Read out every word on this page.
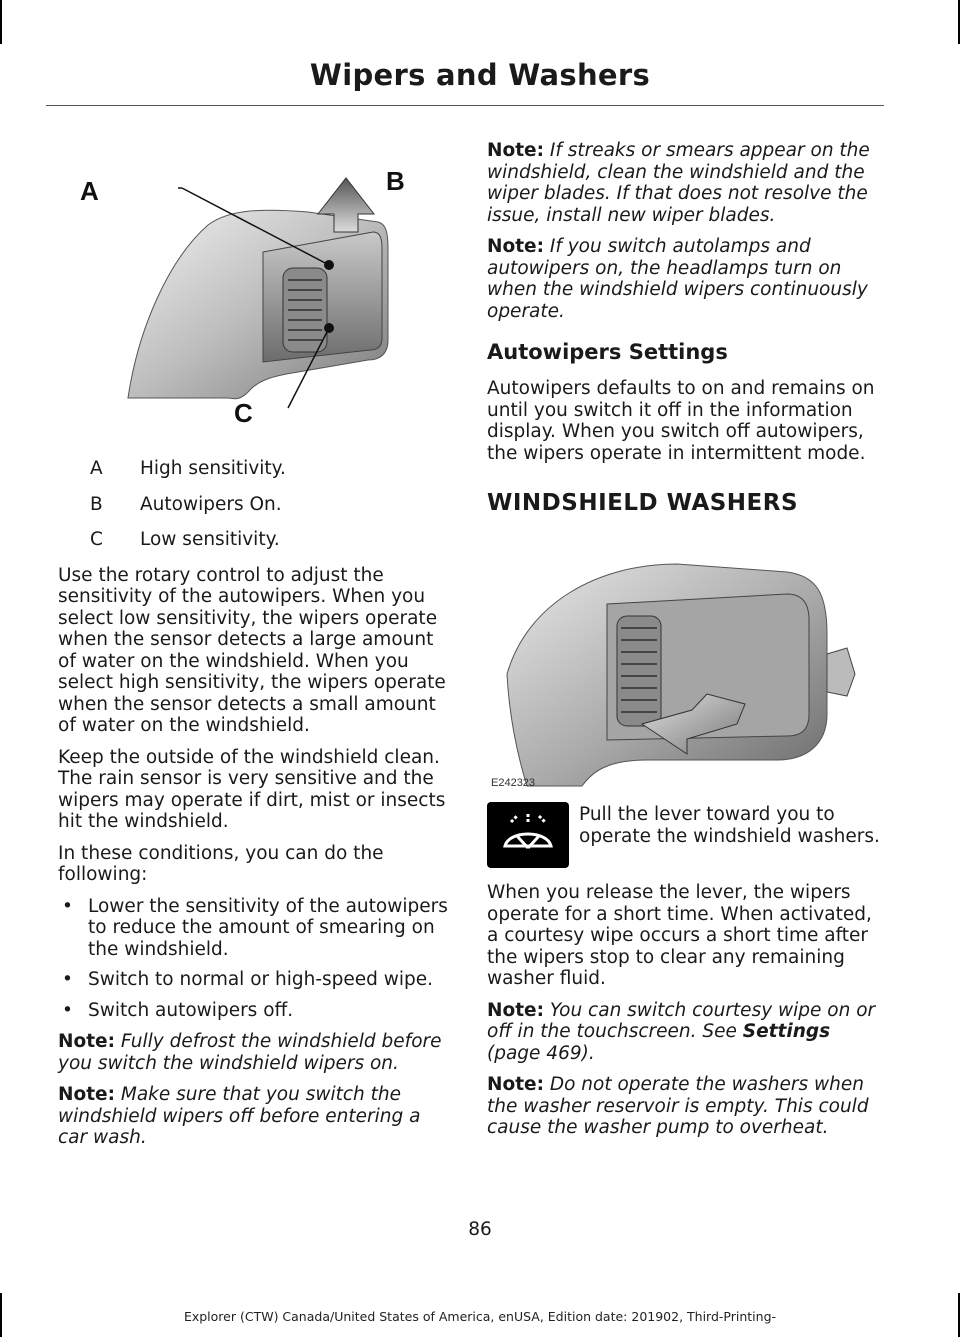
Wipers and Washers
A	B
C
A	High sensitivity.
B	Autowipers On.
C	Low sensitivity.

Use the rotary control to adjust the sensitivity of the autowipers. When you select low sensitivity, the wipers operate when the sensor detects a large amount of water on the windshield. When you select high sensitivity, the wipers operate when the sensor detects a small amount of water on the windshield.

Keep the outside of the windshield clean. The rain sensor is very sensitive and the wipers may operate if dirt, mist or insects hit the windshield.

In these conditions, you can do the following:

• Lower the sensitivity of the autowipers to reduce the amount of smearing on the windshield.
• Switch to normal or high-speed wipe.
• Switch autowipers off.

Note: Fully defrost the windshield before you switch the windshield wipers on.

Note: Make sure that you switch the windshield wipers off before entering a car wash.

Note: If streaks or smears appear on the windshield, clean the windshield and the wiper blades. If that does not resolve the issue, install new wiper blades.

Note: If you switch autolamps and autowipers on, the headlamps turn on when the windshield wipers continuously operate.

Autowipers Settings

Autowipers defaults to on and remains on until you switch it off in the information display. When you switch off autowipers, the wipers operate in intermittent mode.

WINDSHIELD WASHERS
E242323
Pull the lever toward you to operate the windshield washers.

When you release the lever, the wipers operate for a short time. When activated, a courtesy wipe occurs a short time after the wipers stop to clear any remaining washer fluid.

Note: You can switch courtesy wipe on or off in the touchscreen. See Settings (page 469).

Note: Do not operate the washers when the washer reservoir is empty. This could cause the washer pump to overheat.

86
Explorer (CTW) Canada/United States of America, enUSA, Edition date: 201902, Third-Printing-
